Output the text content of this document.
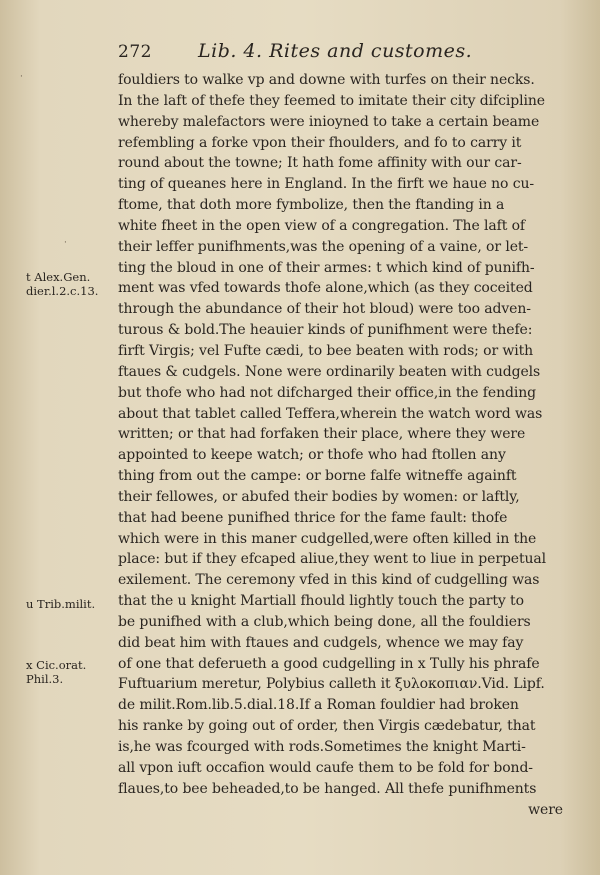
272 Lib. 4. Rites and customes.
·
·
t Alex.Gen. dier.l.2.c.13.
u Trib.milit.
x Cic.orat. Phil.3.
fouldiers to walke vp and downe with turfes on their necks.
In the laft of thefe they feemed to imitate their city difcipline
whereby malefactors were inioyned to take a certain beame
refembling a forke vpon their fhoulders, and fo to carry it
round about the towne; It hath fome affinity with our car-
ting of queanes here in England. In the firft we haue no cu-
ftome, that doth more fymbolize, then the ftanding in a
white fheet in the open view of a congregation. The laft of
their leffer punifhments,was the opening of a vaine, or let-
ting the bloud in one of their armes: t which kind of punifh-
ment was vfed towards thofe alone,which (as they coceited
through the abundance of their hot bloud) were too adven-
turous & bold.The heauier kinds of punifhment were thefe:
firft Virgis; vel Fufte cædi, to bee beaten with rods; or with
ftaues & cudgels. None were ordinarily beaten with cudgels
but thofe who had not difcharged their office,in the fending
about that tablet called Teffera,wherein the watch word was
written; or that had forfaken their place, where they were
appointed to keepe watch; or thofe who had ftollen any
thing from out the campe: or borne falfe witneffe againft
their fellowes, or abufed their bodies by women: or laftly,
that had beene punifhed thrice for the fame fault: thofe
which were in this maner cudgelled,were often killed in the
place: but if they efcaped aliue,they went to liue in perpetual
exilement. The ceremony vfed in this kind of cudgelling was
that the u knight Martiall fhould lightly touch the party to
be punifhed with a club,which being done, all the fouldiers
did beat him with ftaues and cudgels, whence we may fay
of one that deferueth a good cudgelling in x Tully his phrafe
Fuftuarium meretur, Polybius calleth it ξυλοκοπιαν.Vid. Lipf.
de milit.Rom.lib.5.dial.18.If a Roman fouldier had broken
his ranke by going out of order, then Virgis cædebatur, that
is,he was fcourged with rods.Sometimes the knight Marti-
all vpon iuft occafion would caufe them to be fold for bond-
flaues,to bee beheaded,to be hanged. All thefe punifhments
were
